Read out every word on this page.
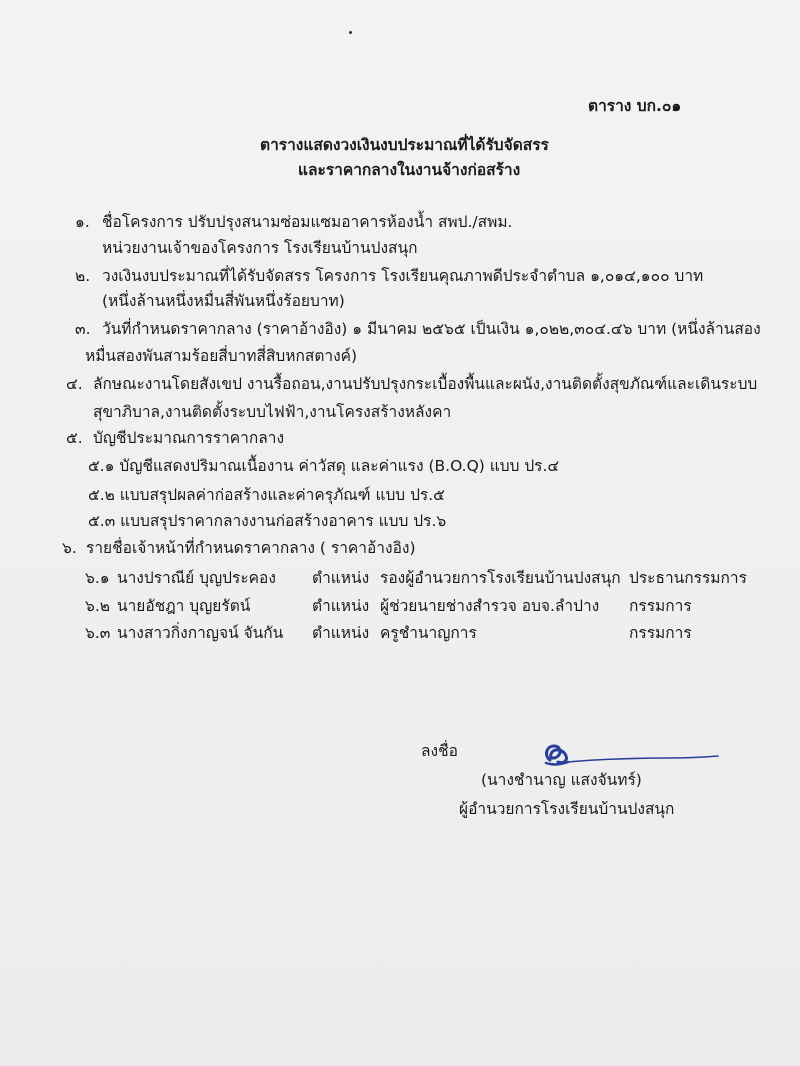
ตาราง บก.๐๑
ตารางแสดงวงเงินงบประมาณที่ได้รับจัดสรร
และราคากลางในงานจ้างก่อสร้าง
๑. ชื่อโครงการ ปรับปรุงสนามซ่อมแซมอาคารห้องน้ำ สพป./สพม.
หน่วยงานเจ้าของโครงการ โรงเรียนบ้านปงสนุก
๒. วงเงินงบประมาณที่ได้รับจัดสรร โครงการ โรงเรียนคุณภาพดีประจำตำบล ๑,๐๑๔,๑๐๐ บาท
(หนึ่งล้านหนึ่งหมื่นสี่พันหนึ่งร้อยบาท)
๓. วันที่กำหนดราคากลาง (ราคาอ้างอิง) ๑ มีนาคม ๒๕๖๕ เป็นเงิน ๑,๐๒๒,๓๐๔.๔๖ บาท (หนึ่งล้านสอง
หมื่นสองพันสามร้อยสี่บาทสี่สิบหกสตางค์)
๔. ลักษณะงานโดยสังเขป งานรื้อถอน,งานปรับปรุงกระเบื้องพื้นและผนัง,งานติดตั้งสุขภัณฑ์และเดินระบบ
สุขาภิบาล,งานติดตั้งระบบไฟฟ้า,งานโครงสร้างหลังคา
๕. บัญชีประมาณการราคากลาง
๕.๑ บัญชีแสดงปริมาณเนื้องาน ค่าวัสดุ และค่าแรง (B.O.Q) แบบ ปร.๔
๕.๒ แบบสรุปผลค่าก่อสร้างและค่าครุภัณฑ์ แบบ ปร.๕
๕.๓ แบบสรุปราคากลางงานก่อสร้างอาคาร แบบ ปร.๖
๖. รายชื่อเจ้าหน้าที่กำหนดราคากลาง ( ราคาอ้างอิง)
๖.๑ นางปราณีย์ บุญประคอง ตำแหน่ง รองผู้อำนวยการโรงเรียนบ้านปงสนุก ประธานกรรมการ
๖.๒ นายอัชฎา บุญยรัตน์	ตำแหน่ง ผู้ช่วยนายช่างสำรวจ อบจ.ลำปาง กรรมการ
๖.๓ นางสาวกิ่งกาญจน์ จันกัน ตำแหน่ง ครูชำนาญการ	กรรมการ
ลงชื่อ
(นางชำนาญ แสงจันทร์)
ผู้อำนวยการโรงเรียนบ้านปงสนุก
